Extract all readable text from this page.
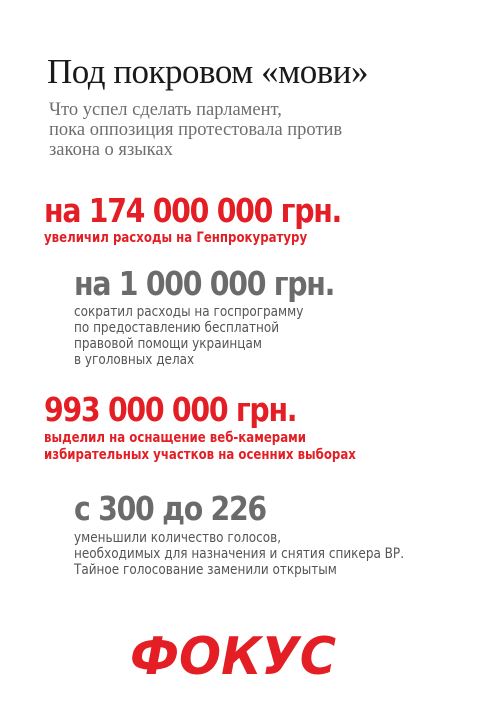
Под покровом «мови»
Что успел сделать парламент,
пока оппозиция протестовала против
закона о языках
на 174 000 000 грн.
увеличил расходы на Генпрокуратуру
на 1 000 000 грн.
сократил расходы на госпрограмму
по предоставлению бесплатной
правовой помощи украинцам
в уголовных делах
993 000 000 грн.
выделил на оснащение веб-камерами
избирательных участков на осенних выборах
с 300 до 226
уменьшили количество голосов,
необходимых для назначения и снятия спикера ВР.
Тайное голосование заменили открытым
ФОКУС
